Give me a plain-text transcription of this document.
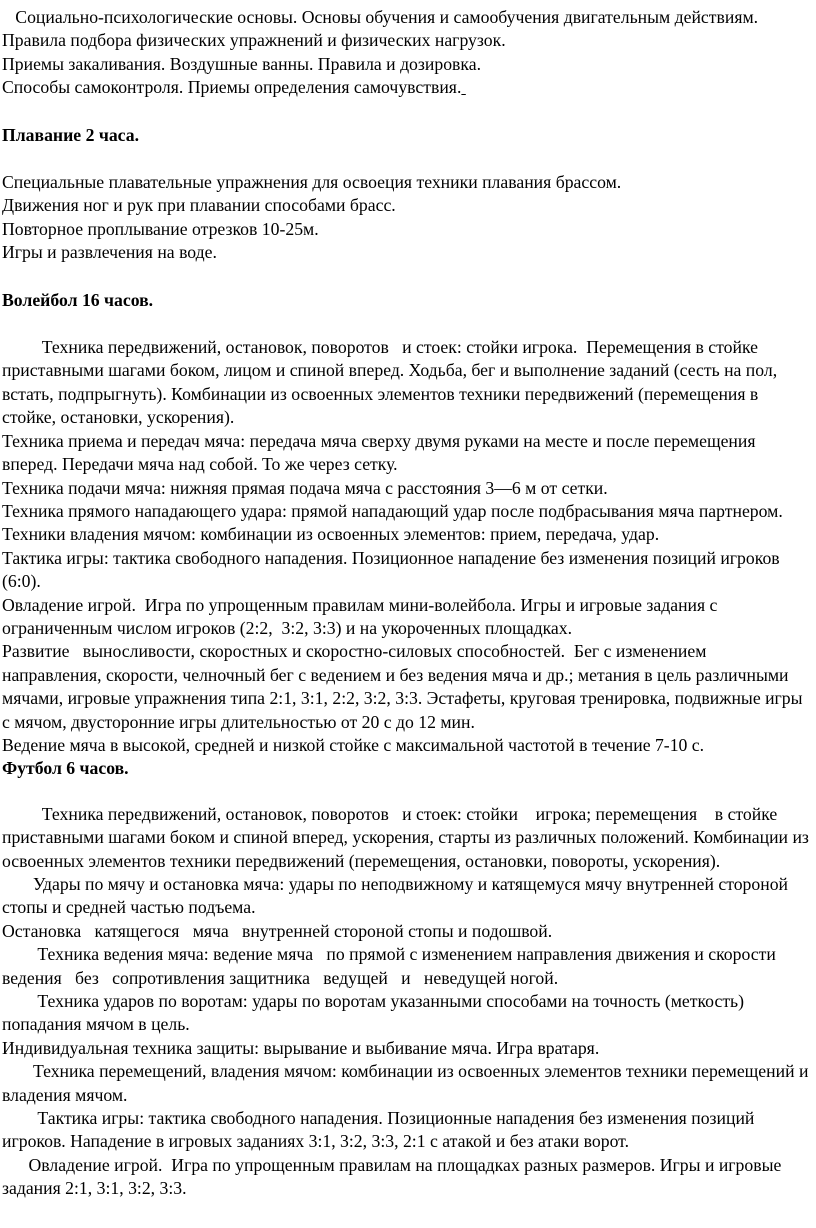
Социально-психологические основы. Основы обучения и самообучения двигательным действиям. Правила подбора физических упражнений и физических нагрузок.

Приемы закаливания. Воздушные ванны. Правила и дозировка.

Способы самоконтроля. Приемы определения самочувствия.

Плавание 2 часа.

Специальные плавательные упражнения для освоеция техники плавания брассом.

Движения ног и рук при плавании способами брасс.

Повторное проплывание отрезков 10-25м.

Игры и развлечения на воде.

Волейбол 16 часов.

Техника передвижений, остановок, поворотов   и стоек: стойки игрока.  Перемещения в стойке приставными шагами боком, лицом и спиной вперед. Ходьба, бег и выполнение заданий (сесть на пол, встать, подпрыгнуть). Комбинации из освоенных элементов техники передвижений (перемещения в стойке, остановки, ускорения).

Техника приема и передач мяча: передача мяча сверху двумя руками на месте и после перемещения вперед. Передачи мяча над собой. То же через сетку.

Техника подачи мяча: нижняя прямая подача мяча с расстояния 3—6 м от сетки.

Техника прямого нападающего удара: прямой нападающий удар после подбрасывания мяча партнером.

Техники владения мячом: комбинации из освоенных элементов: прием, передача, удар.

Тактика игры: тактика свободного нападения. Позиционное нападение без изменения позиций игроков (6:0).

Овладение игрой.  Игра по упрощенным правилам мини-волейбола. Игры и игровые задания с ограниченным числом игроков (2:2,  3:2, 3:3) и на укороченных площадках.

Развитие   выносливости, скоростных и скоростно-силовых способностей.  Бег с изменением направления, скорости, челночный бег с ведением и без ведения мяча и др.; метания в цель различными мячами, игровые упражнения типа 2:1, 3:1, 2:2, 3:2, 3:3. Эстафеты, круговая тренировка, подвижные игры с мячом, двусторонние игры длительностью от 20 с до 12 мин.

Ведение мяча в высокой, средней и низкой стойке с максимальной частотой в течение 7-10 с.

Футбол 6 часов.

Техника передвижений, остановок, поворотов   и стоек: стойки    игрока; перемещения    в стойке приставными шагами боком и спиной вперед, ускорения, старты из различных положений. Комбинации из освоенных элементов техники передвижений (перемещения, остановки, повороты, ускорения).

Удары по мячу и остановка мяча: удары по неподвижному и катящемуся мячу внутренней стороной стопы и средней частью подъема.

Остановка   катящегося   мяча   внутренней стороной стопы и подошвой.

Техника ведения мяча: ведение мяча   по прямой с изменением направления движения и скорости   ведения   без   сопротивления защитника   ведущей   и   неведущей ногой.

Техника ударов по воротам: удары по воротам указанными способами на точность (меткость) попадания мячом в цель.

Индивидуальная техника защиты: вырывание и выбивание мяча. Игра вратаря.

Техника перемещений, владения мячом: комбинации из освоенных элементов техники перемещений и владения мячом.

Тактика игры: тактика свободного нападения. Позиционные нападения без изменения позиций игроков. Нападение в игровых заданиях 3:1, 3:2, 3:3, 2:1 с атакой и без атаки ворот.

Овладение игрой.  Игра по упрощенным правилам на площадках разных размеров. Игры и игровые задания 2:1, 3:1, 3:2, 3:3.
